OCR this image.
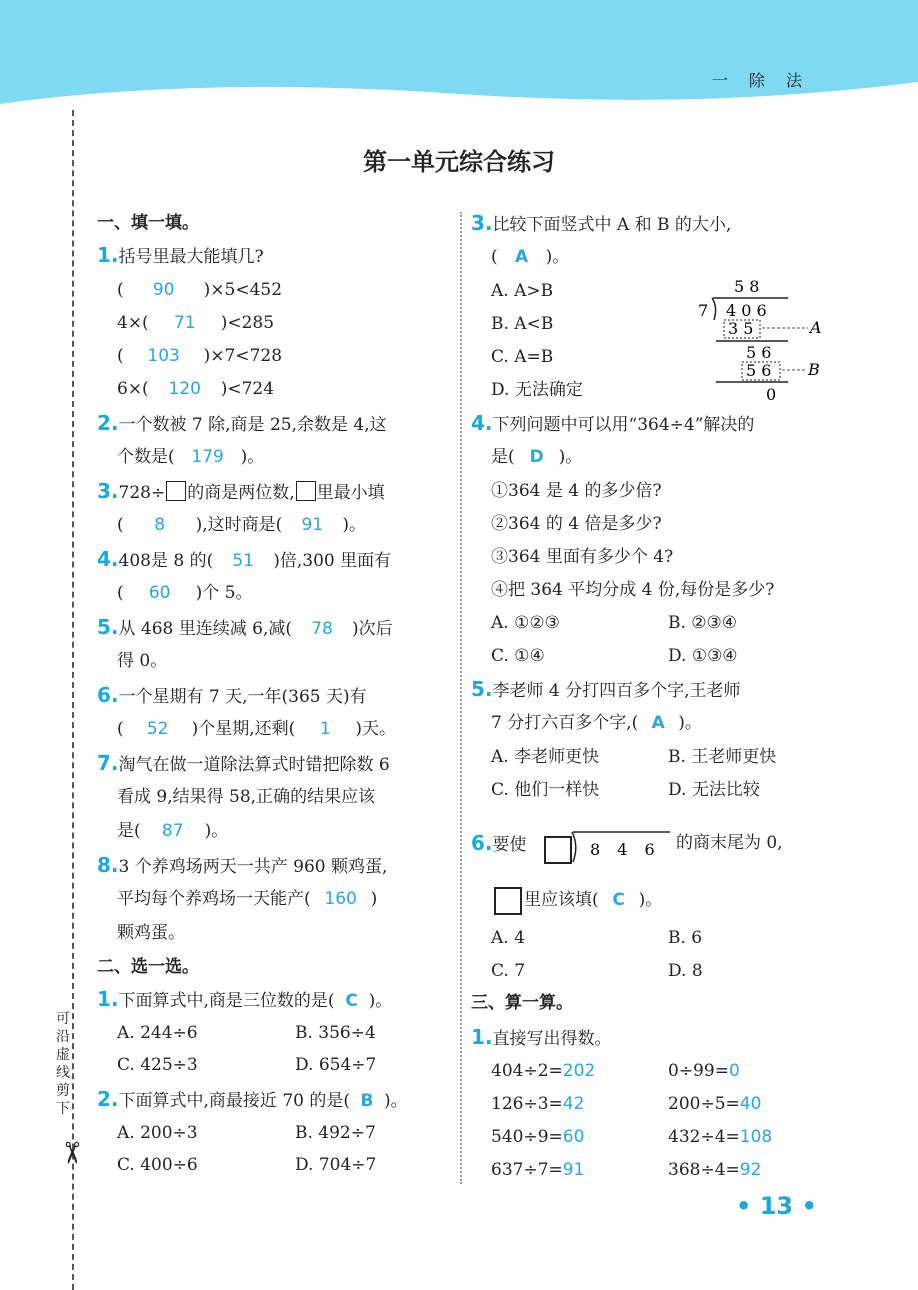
一 除 法
第一单元综合练习
可沿虚线剪下
✂
一、填一填。
1.括号里最大能填几?
( 90 )×5<452
4×( 71 )<285
( 103 )×7<728
6×( 120 )<724
2.一个数被 7 除,商是 25,余数是 4,这
个数是( 179 )。
3.728÷ 的商是两位数, 里最小填
( 8 ),这时商是( 91 )。
4.408是 8 的( 51 )倍,300 里面有
( 60 )个 5。
5.从 468 里连续减 6,减( 78 )次后
得 0。
6.一个星期有 7 天,一年(365 天)有
( 52 )个星期,还剩( 1 )天。
7.淘气在做一道除法算式时错把除数 6
看成 9,结果得 58,正确的结果应该
是( 87 )。
8.3 个养鸡场两天一共产 960 颗鸡蛋,
平均每个养鸡场一天能产( 160 )
颗鸡蛋。
二、选一选。
1.下面算式中,商是三位数的是( C )。
A. 244÷6	B. 356÷4
C. 425÷3	D. 654÷7
2.下面算式中,商最接近 70 的是( B )。
A. 200÷3	B. 492÷7
C. 400÷6	D. 704÷7
3.比较下面竖式中 A 和 B 的大小,
( A )。
A. A>B
B. A<B
C. A=B
D. 无法确定
5 8
7 4 0 6
3 5	A
5 6
5 6 B
0
4.下列问题中可以用“364÷4”解决的
是( D )。
①364 是 4 的多少倍?
②364 的 4 倍是多少?
③364 里面有多少个 4?
④把 364 平均分成 4 份,每份是多少?
A. ①②③	B. ②③④
C. ①④	D. ①③④
5.李老师 4 分打四百多个字,王老师
7 分打六百多个字,( A )。
A. 李老师更快	B. 王老师更快
C. 他们一样快	D. 无法比较
6.要使	8 4 6 的商末尾为 0,
里应该填( C )。
A. 4	B. 6
C. 7	D. 8
三、算一算。
1.直接写出得数。
404÷2=202	0÷99=0
126÷3=42	200÷5=40
540÷9=60	432÷4=108
637÷7=91	368÷4=92
• 13 •
